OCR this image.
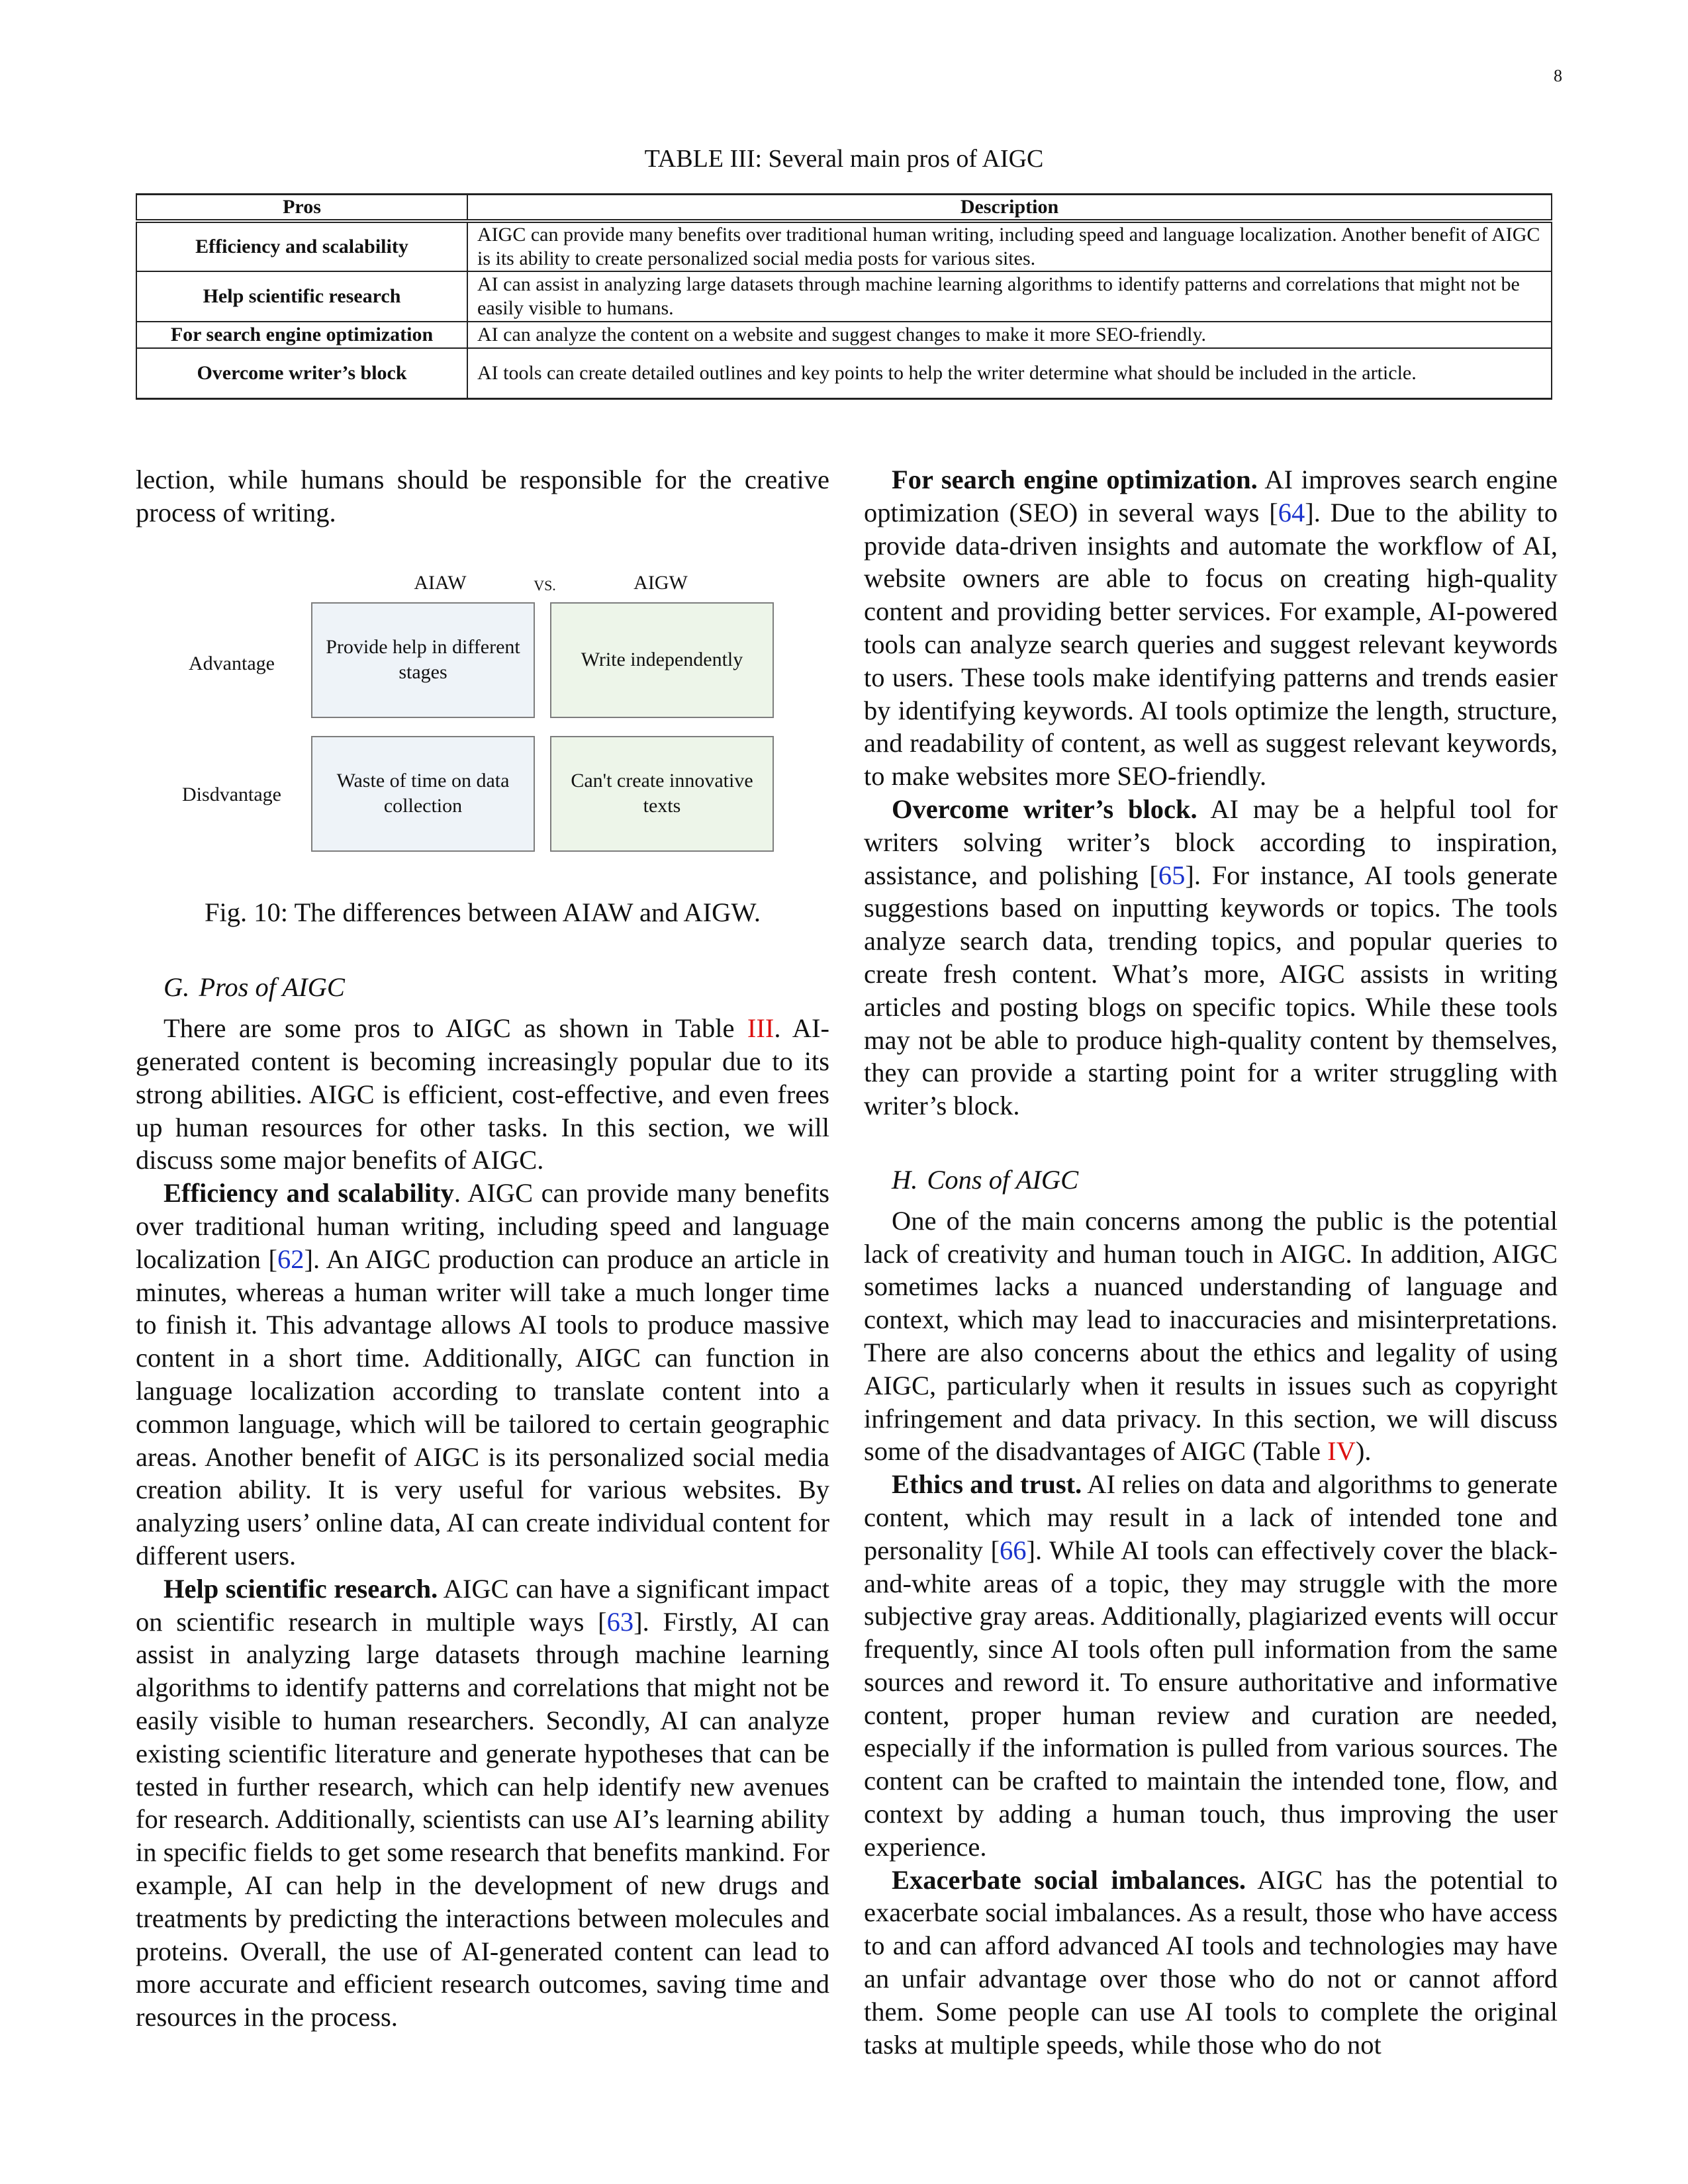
8
TABLE III: Several main pros of AIGC
Pros	Description
Efficiency and scalability	AIGC can provide many benefits over traditional human writing, including speed and language localization. Another benefit of AIGC is its ability to create personalized social media posts for various sites.
Help scientific research	AI can assist in analyzing large datasets through machine learning algorithms to identify patterns and correlations that might not be easily visible to humans.
For search engine optimization	AI can analyze the content on a website and suggest changes to make it more SEO-friendly.
Overcome writer’s block	AI tools can create detailed outlines and key points to help the writer determine what should be included in the article.

lection, while humans should be responsible for the creative process of writing.

AIAW	VS.	AIGW
Advantage
Disdvantage
Provide help in different stages
Write independently
Waste of time on data collection
Can't create innovative texts
Fig. 10: The differences between AIAW and AIGW.

G. Pros of AIGC

There are some pros to AIGC as shown in Table III. AI-generated content is becoming increasingly popular due to its strong abilities. AIGC is efficient, cost-effective, and even frees up human resources for other tasks. In this section, we will discuss some major benefits of AIGC.

Efficiency and scalability. AIGC can provide many benefits over traditional human writing, including speed and language localization [62]. An AIGC production can produce an article in minutes, whereas a human writer will take a much longer time to finish it. This advantage allows AI tools to produce massive content in a short time. Additionally, AIGC can function in language localization according to translate content into a common language, which will be tailored to certain geographic areas. Another benefit of AIGC is its personalized social media creation ability. It is very useful for various websites. By analyzing users’ online data, AI can create individual content for different users.

Help scientific research. AIGC can have a significant impact on scientific research in multiple ways [63]. Firstly, AI can assist in analyzing large datasets through machine learning algorithms to identify patterns and correlations that might not be easily visible to human researchers. Secondly, AI can analyze existing scientific literature and generate hypotheses that can be tested in further research, which can help identify new avenues for research. Additionally, scientists can use AI’s learning ability in specific fields to get some research that benefits mankind. For example, AI can help in the development of new drugs and treatments by predicting the interactions between molecules and proteins. Overall, the use of AI-generated content can lead to more accurate and efficient research outcomes, saving time and resources in the process.

For search engine optimization. AI improves search engine optimization (SEO) in several ways [64]. Due to the ability to provide data-driven insights and automate the workflow of AI, website owners are able to focus on creating high-quality content and providing better services. For example, AI-powered tools can analyze search queries and suggest relevant keywords to users. These tools make identifying patterns and trends easier by identifying keywords. AI tools optimize the length, structure, and readability of content, as well as suggest relevant keywords, to make websites more SEO-friendly.

Overcome writer’s block. AI may be a helpful tool for writers solving writer’s block according to inspiration, assistance, and polishing [65]. For instance, AI tools generate suggestions based on inputting keywords or topics. The tools analyze search data, trending topics, and popular queries to create fresh content. What’s more, AIGC assists in writing articles and posting blogs on specific topics. While these tools may not be able to produce high-quality content by themselves, they can provide a starting point for a writer struggling with writer’s block.

H. Cons of AIGC

One of the main concerns among the public is the potential lack of creativity and human touch in AIGC. In addition, AIGC sometimes lacks a nuanced understanding of language and context, which may lead to inaccuracies and misinterpretations. There are also concerns about the ethics and legality of using AIGC, particularly when it results in issues such as copyright infringement and data privacy. In this section, we will discuss some of the disadvantages of AIGC (Table IV).

Ethics and trust. AI relies on data and algorithms to generate content, which may result in a lack of intended tone and personality [66]. While AI tools can effectively cover the black-and-white areas of a topic, they may struggle with the more subjective gray areas. Additionally, plagiarized events will occur frequently, since AI tools often pull information from the same sources and reword it. To ensure authoritative and informative content, proper human review and curation are needed, especially if the information is pulled from various sources. The content can be crafted to maintain the intended tone, flow, and context by adding a human touch, thus improving the user experience.

Exacerbate social imbalances. AIGC has the potential to exacerbate social imbalances. As a result, those who have access to and can afford advanced AI tools and technologies may have an unfair advantage over those who do not or cannot afford them. Some people can use AI tools to complete the original tasks at multiple speeds, while those who do not
